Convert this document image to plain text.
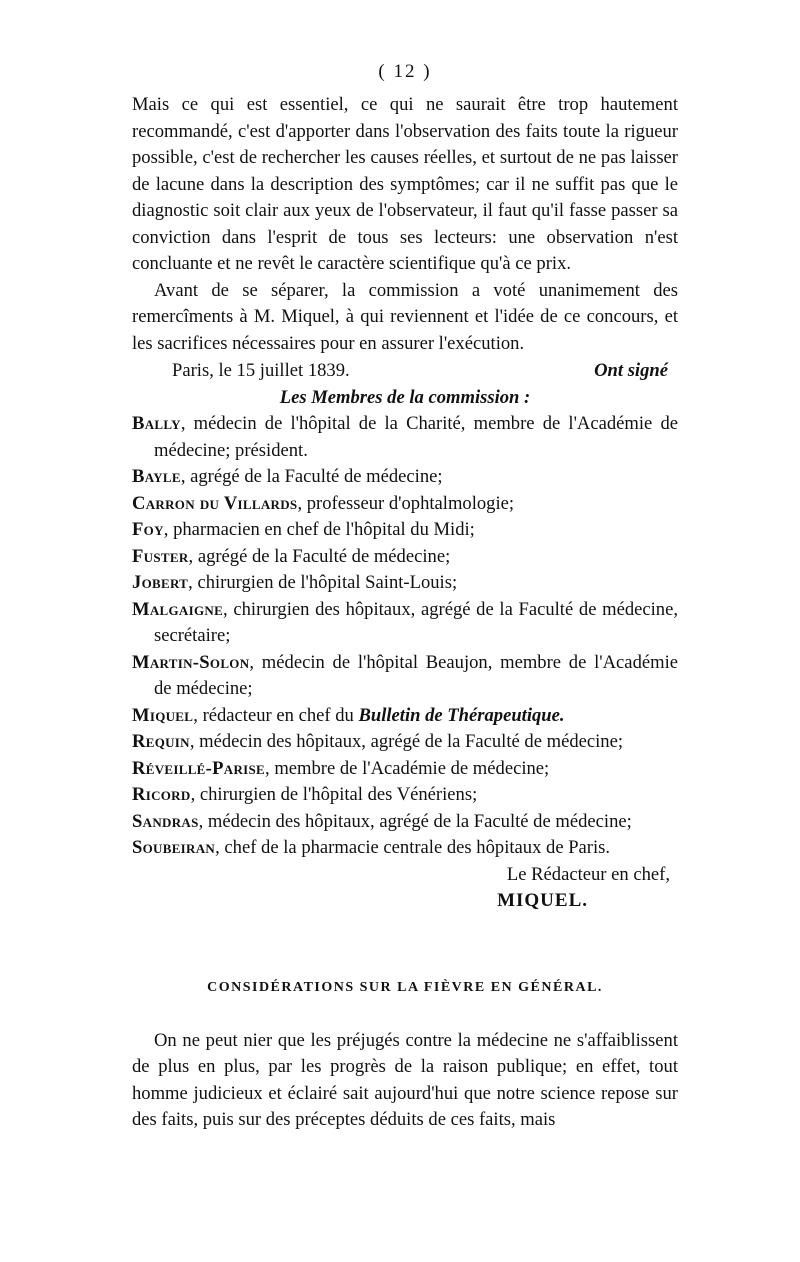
( 12 )

Mais ce qui est essentiel, ce qui ne saurait être trop hautement recommandé, c'est d'apporter dans l'observation des faits toute la rigueur possible, c'est de rechercher les causes réelles, et surtout de ne pas laisser de lacune dans la description des symptômes; car il ne suffit pas que le diagnostic soit clair aux yeux de l'observateur, il faut qu'il fasse passer sa conviction dans l'esprit de tous ses lecteurs: une observation n'est concluante et ne revêt le caractère scientifique qu'à ce prix.

Avant de se séparer, la commission a voté unanimement des remercîments à M. Miquel, à qui reviennent et l'idée de ce concours, et les sacrifices nécessaires pour en assurer l'exécution.

Paris, le 15 juillet 1839.	Ont signé
Les Membres de la commission :

Bally, médecin de l'hôpital de la Charité, membre de l'Académie de médecine; président.

Bayle, agrégé de la Faculté de médecine;

Carron du Villards, professeur d'ophtalmologie;

Foy, pharmacien en chef de l'hôpital du Midi;

Fuster, agrégé de la Faculté de médecine;

Jobert, chirurgien de l'hôpital Saint-Louis;

Malgaigne, chirurgien des hôpitaux, agrégé de la Faculté de médecine, secrétaire;

Martin-Solon, médecin de l'hôpital Beaujon, membre de l'Académie de médecine;

Miquel, rédacteur en chef du Bulletin de Thérapeutique.

Requin, médecin des hôpitaux, agrégé de la Faculté de médecine;

Réveillé-Parise, membre de l'Académie de médecine;

Ricord, chirurgien de l'hôpital des Vénériens;

Sandras, médecin des hôpitaux, agrégé de la Faculté de médecine;

Soubeiran, chef de la pharmacie centrale des hôpitaux de Paris.

Le Rédacteur en chef,
MIQUEL.
CONSIDÉRATIONS SUR LA FIÈVRE EN GÉNÉRAL.

On ne peut nier que les préjugés contre la médecine ne s'affaiblissent de plus en plus, par les progrès de la raison publique; en effet, tout homme judicieux et éclairé sait aujourd'hui que notre science repose sur des faits, puis sur des préceptes déduits de ces faits, mais
